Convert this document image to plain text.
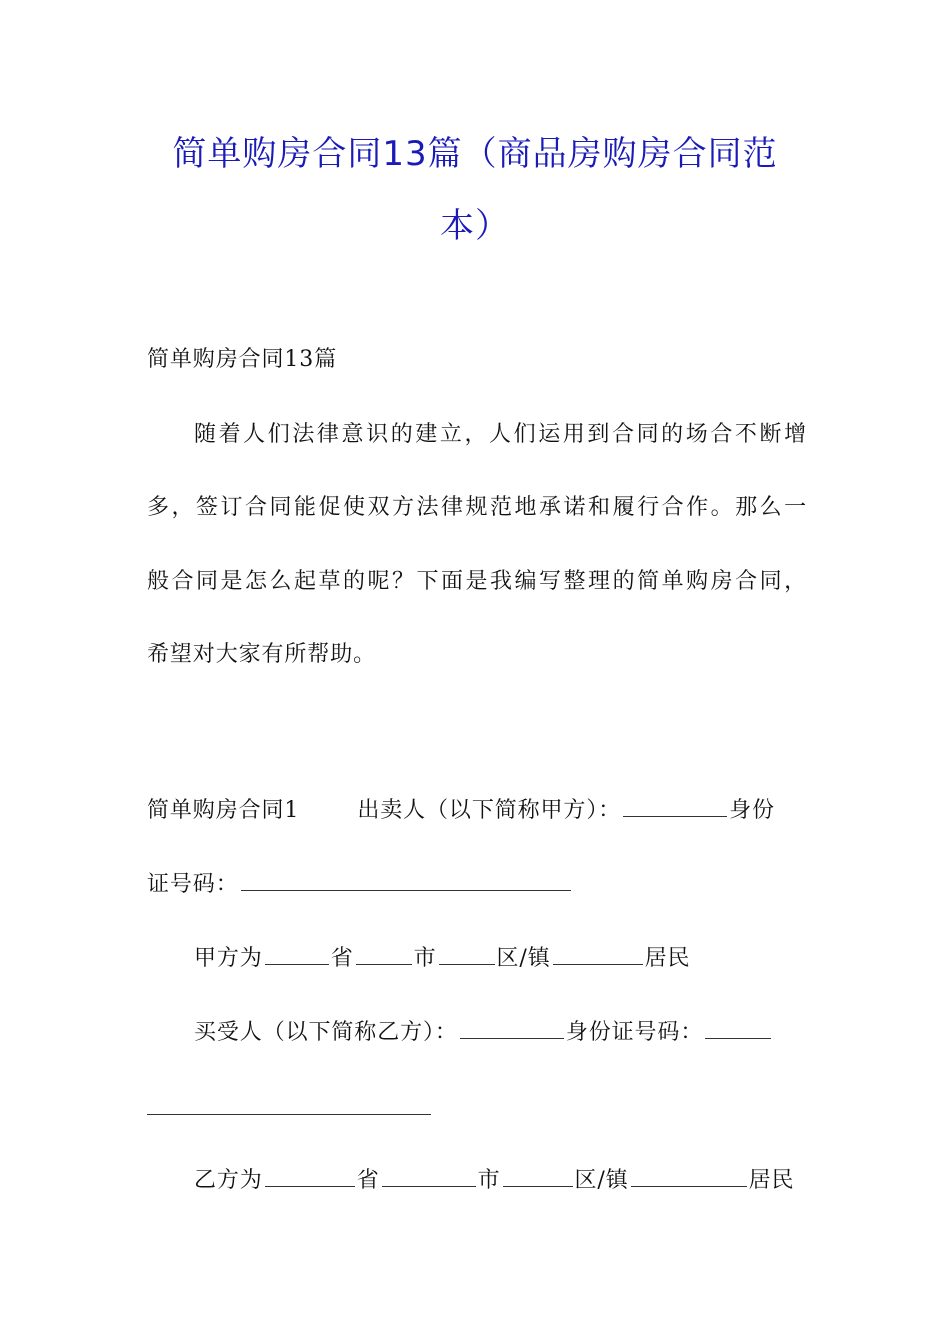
简单购房合同13篇（商品房购房合同范
本）
简单购房合同13篇
随着人们法律意识的建立，人们运用到合同的场合不断增
多，签订合同能促使双方法律规范地承诺和履行合作。那么一
般合同是怎么起草的呢？下面是我编写整理的简单购房合同，
希望对大家有所帮助。
简单购房合同1	出卖人（以下简称甲方）：	身份
证号码：
甲方为	省	市	区/镇	居民
买受人（以下简称乙方）：	身份证号码：
乙方为	省	市	区/镇	居民
